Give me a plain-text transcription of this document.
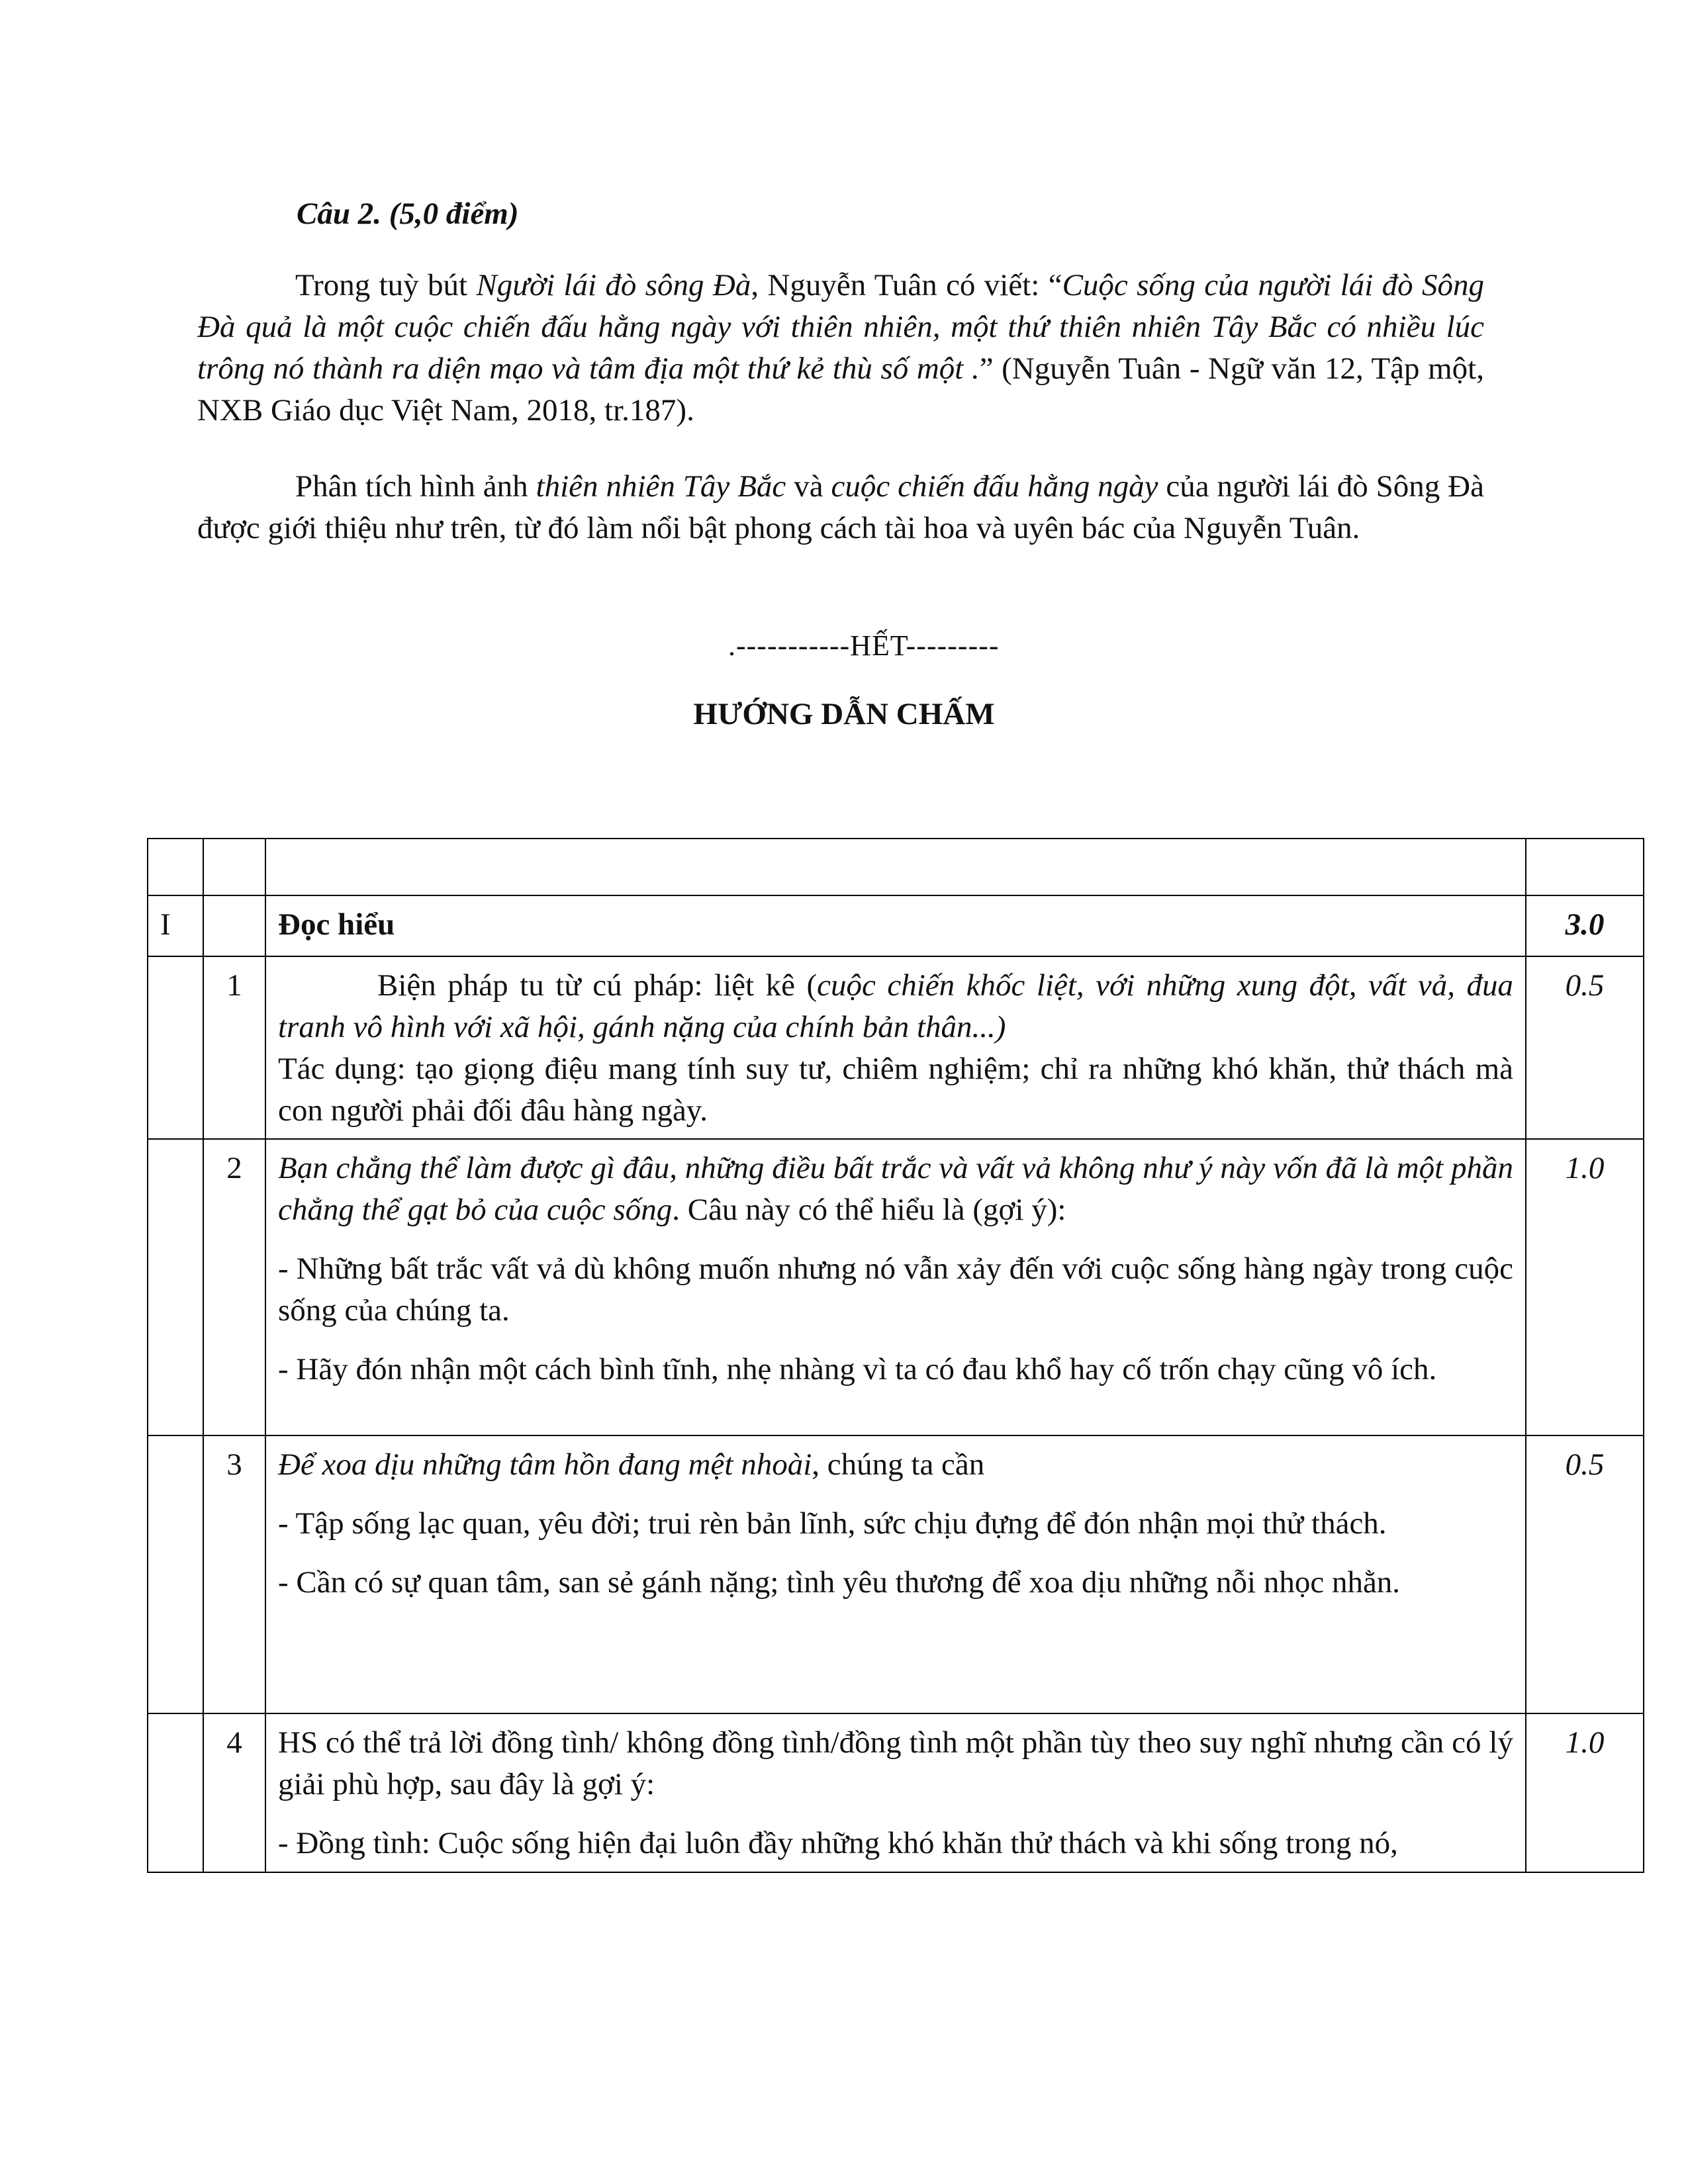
Câu 2. (5,0 điểm)
Trong tuỳ bút Người lái đò sông Đà, Nguyễn Tuân có viết: “Cuộc sống của người lái đò Sông Đà quả là một cuộc chiến đấu hằng ngày với thiên nhiên, một thứ thiên nhiên Tây Bắc có nhiều lúc trông nó thành ra diện mạo và tâm địa một thứ kẻ thù số một .” (Nguyễn Tuân - Ngữ văn 12, Tập một, NXB Giáo dục Việt Nam, 2018, tr.187).
Phân tích hình ảnh thiên nhiên Tây Bắc và cuộc chiến đấu hằng ngày của người lái đò Sông Đà được giới thiệu như trên, từ đó làm nổi bật phong cách tài hoa và uyên bác của Nguyễn Tuân.
.-----------HẾT---------
HƯỚNG DẪN CHẤM

I		Đọc hiểu	3.0
	1	Biện pháp tu từ cú pháp: liệt kê (cuộc chiến khốc liệt, với những xung đột, vất vả, đua tranh vô hình với xã hội, gánh nặng của chính bản thân...)
Tác dụng: tạo giọng điệu mang tính suy tư, chiêm nghiệm; chỉ ra những khó khăn, thử thách mà con người phải đối đâu hàng ngày.	0.5
	2	Bạn chẳng thể làm được gì đâu, những điều bất trắc và vất vả không như ý này vốn đã là một phần chẳng thể gạt bỏ của cuộc sống. Câu này có thể hiểu là (gợi ý):
- Những bất trắc vất vả dù không muốn nhưng nó vẫn xảy đến với cuộc sống hàng ngày trong cuộc sống của chúng ta.
- Hãy đón nhận một cách bình tĩnh, nhẹ nhàng vì ta có đau khổ hay cố trốn chạy cũng vô ích.	1.0
	3	Để xoa dịu những tâm hồn đang mệt nhoài, chúng ta cần
- Tập sống lạc quan, yêu đời; trui rèn bản lĩnh, sức chịu đựng để đón nhận mọi thử thách.
- Cần có sự quan tâm, san sẻ gánh nặng; tình yêu thương để xoa dịu những nỗi nhọc nhằn.	0.5
	4	HS có thể trả lời đồng tình/ không đồng tình/đồng tình một phần tùy theo suy nghĩ nhưng cần có lý giải phù hợp, sau đây là gợi ý:
- Đồng tình: Cuộc sống hiện đại luôn đầy những khó khăn thử thách và khi sống trong nó,	1.0
